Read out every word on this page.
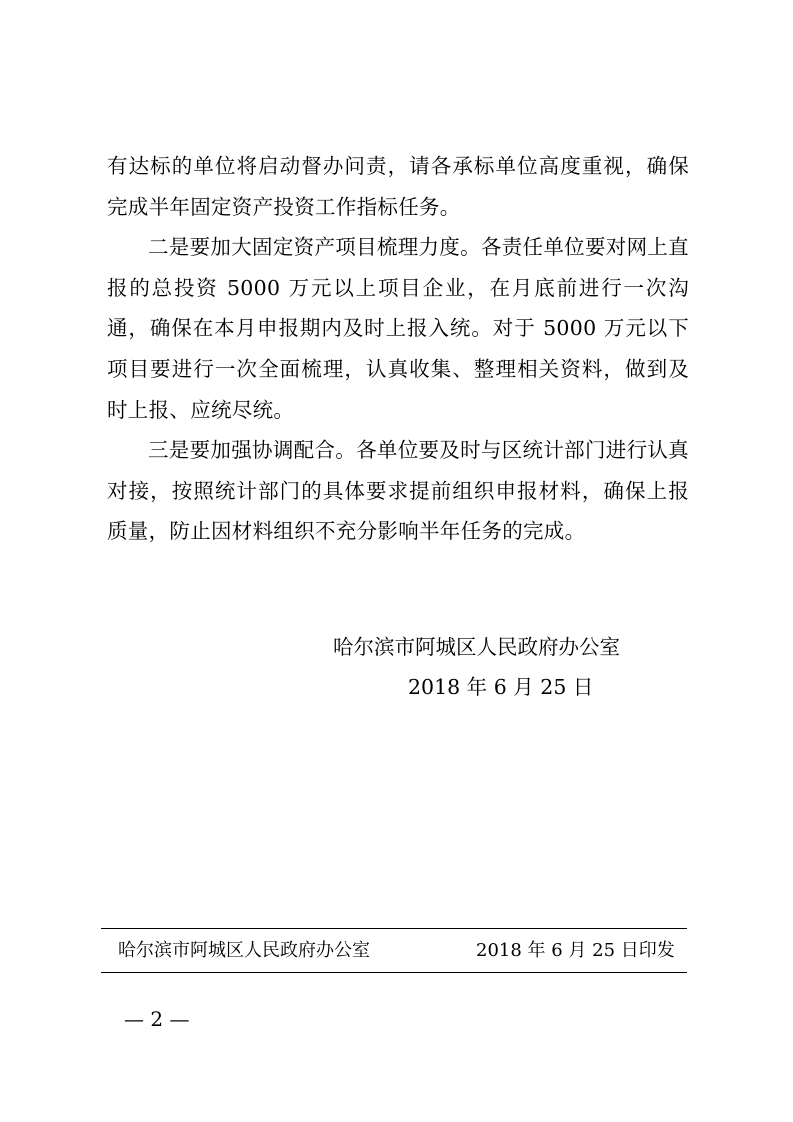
有达标的单位将启动督办问责，请各承标单位高度重视，确保完成半年固定资产投资工作指标任务。

二是要加大固定资产项目梳理力度。各责任单位要对网上直报的总投资 5000 万元以上项目企业，在月底前进行一次沟通，确保在本月申报期内及时上报入统。对于 5000 万元以下项目要进行一次全面梳理，认真收集、整理相关资料，做到及时上报、应统尽统。

三是要加强协调配合。各单位要及时与区统计部门进行认真对接，按照统计部门的具体要求提前组织申报材料，确保上报质量，防止因材料组织不充分影响半年任务的完成。

哈尔滨市阿城区人民政府办公室
2018 年 6 月 25 日
哈尔滨市阿城区人民政府办公室	2018 年 6 月 25 日印发
— 2 —
